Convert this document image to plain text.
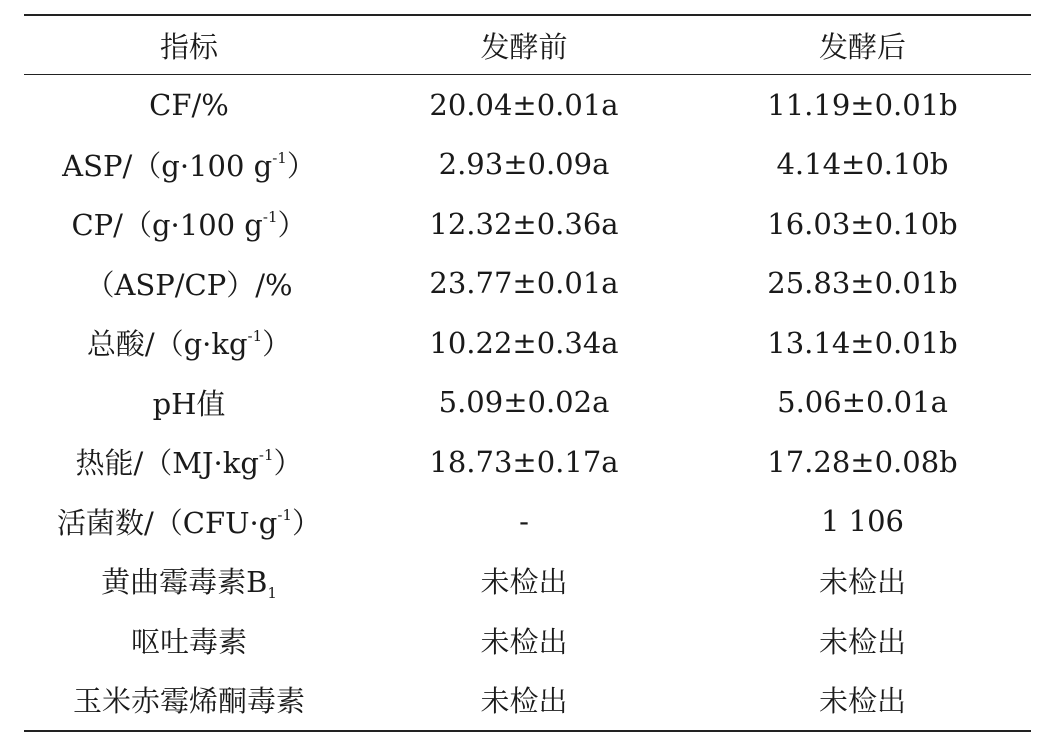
指标	发酵前	发酵后
CF/%	20.04±0.01a	11.19±0.01b
ASP/（g·100 $g^{-1}$）	2.93±0.09a	4.14±0.10b
CP/（g·100 $g^{-1}$）	12.32±0.36a	16.03±0.10b
（ASP/CP）/%	23.77±0.01a	25.83±0.01b
总酸$/(g\cdot kg^{-1})$	10.22±0.34a	13.14±0.01b
pH值	5.09±0.02a	5.06±0.01a
热能$/(MJ\cdot kg^{-1})$	18.73±0.17a	17.28±0.08b
活菌数$/(CFU\cdot g^{-1})$	-	1 106
黄曲霉毒素$B_1$	未检出	未检出
呕吐毒素	未检出	未检出
玉米赤霉烯酮毒素	未检出	未检出
